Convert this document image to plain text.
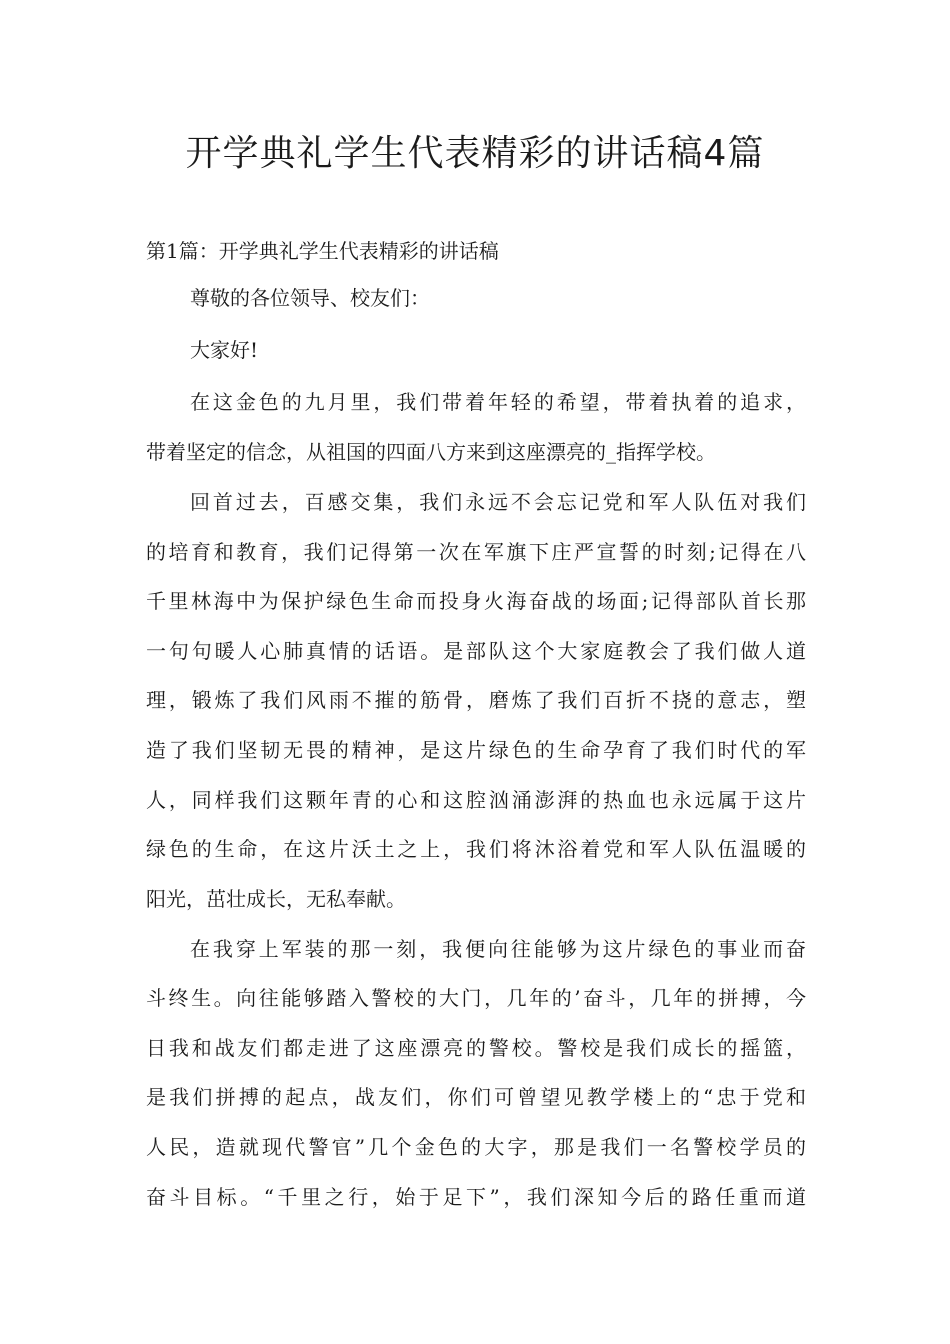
开学典礼学生代表精彩的讲话稿4篇
第1篇：开学典礼学生代表精彩的讲话稿

尊敬的各位领导、校友们：

大家好!

在这金色的九月里，我们带着年轻的希望，带着执着的追求，

带着坚定的信念，从祖国的四面八方来到这座漂亮的_指挥学校。

回首过去，百感交集，我们永远不会忘记党和军人队伍对我们

的培育和教育，我们记得第一次在军旗下庄严宣誓的时刻;记得在八

千里林海中为保护绿色生命而投身火海奋战的场面;记得部队首长那

一句句暖人心肺真情的话语。是部队这个大家庭教会了我们做人道

理，锻炼了我们风雨不摧的筋骨，磨炼了我们百折不挠的意志，塑

造了我们坚韧无畏的精神，是这片绿色的生命孕育了我们时代的军

人，同样我们这颗年青的心和这腔汹涌澎湃的热血也永远属于这片

绿色的生命，在这片沃土之上，我们将沐浴着党和军人队伍温暖的

阳光，茁壮成长，无私奉献。

在我穿上军装的那一刻，我便向往能够为这片绿色的事业而奋

斗终生。向往能够踏入警校的大门，几年的’奋斗，几年的拼搏，今

日我和战友们都走进了这座漂亮的警校。警校是我们成长的摇篮，

是我们拼搏的起点，战友们，你们可曾望见教学楼上的“忠于党和

人民，造就现代警官”几个金色的大字，那是我们一名警校学员的

奋斗目标。“千里之行，始于足下”，我们深知今后的路任重而道
